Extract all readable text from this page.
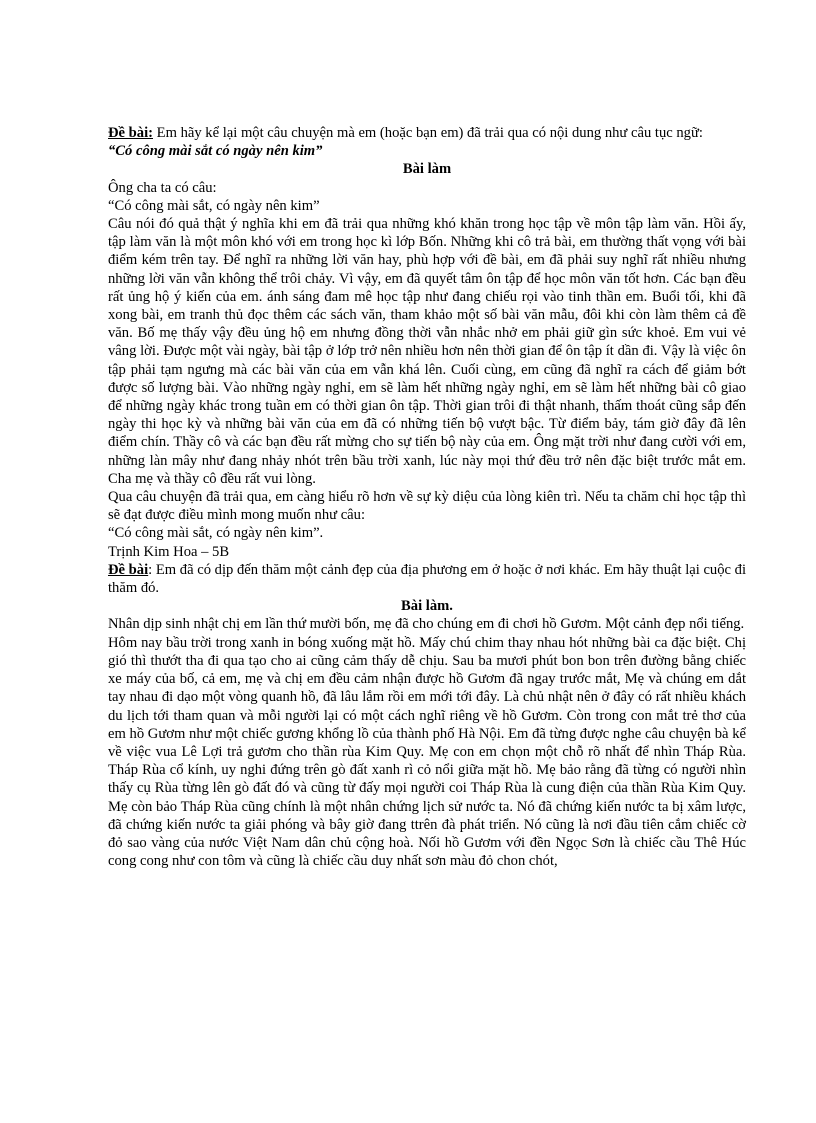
Đề bài: Em hãy kể lại một câu chuyện mà em (hoặc bạn em) đã trải qua có nội dung như câu tục ngữ:

“Có công mài sắt có ngày nên kim”

Bài làm

Ông cha ta có câu:

“Có công mài sắt, có ngày nên kim”

Câu nói đó quả thật ý nghĩa khi em đã trải qua những khó khăn trong học tập về môn tập làm văn. Hồi ấy, tập làm văn là một môn khó với em trong học kì lớp Bốn. Những khi cô trả bài, em thường thất vọng với bài điểm kém trên tay. Để nghĩ ra những lời văn hay, phù hợp với đề bài, em đã phải suy nghĩ rất nhiều nhưng những lời văn vẫn không thể trôi chảy. Vì vậy, em đã quyết tâm ôn tập để học môn văn tốt hơn. Các bạn đều rất ủng hộ ý kiến của em. ánh sáng đam mê học tập như đang chiếu rọi vào tinh thần em. Buổi tối, khi đã xong bài, em tranh thủ đọc thêm các sách văn, tham khảo một số bài văn mẫu, đôi khi còn làm thêm cả đề văn. Bố mẹ thấy vậy đều ủng hộ em nhưng đồng thời vẫn nhắc nhở em phải giữ gìn sức khoẻ. Em vui vẻ vâng lời. Được một vài ngày, bài tập ở lớp trở nên nhiều hơn nên thời gian để ôn tập ít dần đi. Vậy là việc ôn tập phải tạm ngưng mà các bài văn của em vẫn khá lên. Cuối cùng, em cũng đã nghĩ ra cách để giảm bớt được số lượng bài. Vào những ngày nghỉ, em sẽ làm hết những ngày nghỉ, em sẽ làm hết những bài cô giao để những ngày khác trong tuần em có thời gian ôn tập. Thời gian trôi đi thật nhanh, thấm thoát cũng sắp đến ngày thi học kỳ và những bài văn của em đã có những tiến bộ vượt bậc. Từ điểm bảy, tám giờ đây đã lên điểm chín. Thầy cô và các bạn đều rất mừng cho sự tiến bộ này của em. Ông mặt trời như đang cười với em, những làn mây như đang nhảy nhót trên bầu trời xanh, lúc này mọi thứ đều trở nên đặc biệt trước mắt em. Cha mẹ và thầy cô đều rất vui lòng.

Qua câu chuyện đã trải qua, em càng hiểu rõ hơn về sự kỳ diệu của lòng kiên trì. Nếu ta chăm chỉ học tập thì sẽ đạt được điều mình mong muốn như câu:

“Có công mài sắt, có ngày nên kim”.

Trịnh Kim Hoa – 5B

Đề bài: Em đã có dịp đến thăm một cảnh đẹp của địa phương em ở hoặc ở nơi khác. Em hãy thuật lại cuộc đi thăm đó.

Bài làm.

Nhân dịp sinh nhật chị em lần thứ mười bốn, mẹ đã cho chúng em đi chơi hồ Gươm. Một cảnh đẹp nổi tiếng.

Hôm nay bầu trời trong xanh in bóng xuống mặt hồ. Mấy chú chim thay nhau hót những bài ca đặc biệt. Chị gió thì thướt tha đi qua tạo cho ai cũng cảm thấy dễ chịu. Sau ba mươi phút bon bon trên đường bằng chiếc xe máy của bố, cả em, mẹ và chị em đều cảm nhận được hồ Gươm đã ngay trước mắt, Mẹ và chúng em dắt tay nhau đi dạo một vòng quanh hồ, đã lâu lắm rồi em mới tới đây. Là chủ nhật nên ở đây có rất nhiều khách du lịch tới tham quan và mỗi người lại có một cách nghĩ riêng về hồ Gươm. Còn trong con mắt trẻ thơ của em hồ Gươm như một chiếc gương khổng lồ của thành phố Hà Nội. Em đã từng được nghe câu chuyện bà kể về việc vua Lê Lợi trả gươm cho thần rùa Kim Quy. Mẹ con em chọn một chỗ rõ nhất để nhìn Tháp Rùa. Tháp Rùa cổ kính, uy nghi đứng trên gò đất xanh rì cỏ nổi giữa mặt hồ. Mẹ bảo rằng đã từng có người nhìn thấy cụ Rùa từng lên gò đất đó và cũng từ đấy mọi người coi Tháp Rùa là cung điện của thần Rùa Kim Quy. Mẹ còn bảo Tháp Rùa cũng chính là một nhân chứng lịch sử nước ta. Nó đã chứng kiến nước ta bị xâm lược, đã chứng kiến nước ta giải phóng và bây giờ đang ttrên đà phát triển. Nó cũng là nơi đầu tiên cắm chiếc cờ đỏ sao vàng của nước Việt Nam dân chủ cộng hoà. Nối hồ Gươm với đền Ngọc Sơn là chiếc cầu Thê Húc cong cong như con tôm và cũng là chiếc cầu duy nhất sơn màu đỏ chon chót,
